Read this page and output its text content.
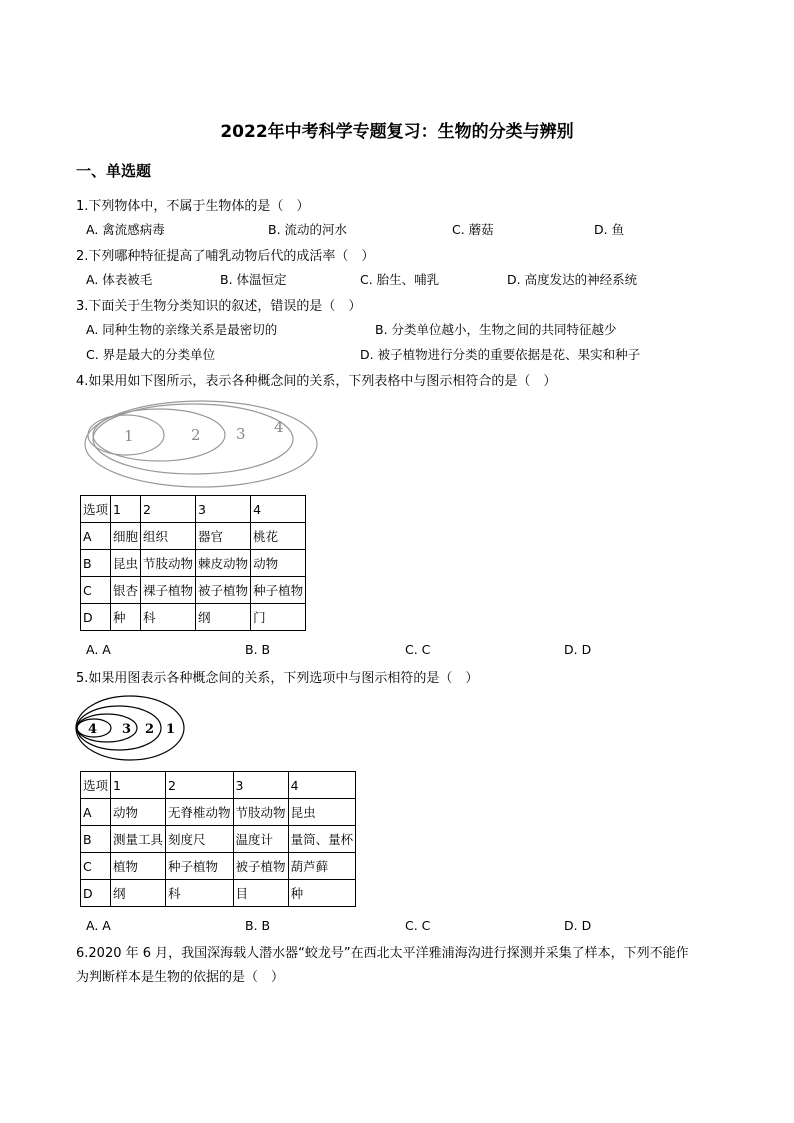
2022年中考科学专题复习：生物的分类与辨别
一、单选题
1.下列物体中，不属于生物体的是（　）
A. 禽流感病毒	B. 流动的河水	C. 蘑菇	D. 鱼
2.下列哪种特征提高了哺乳动物后代的成活率（　）
A. 体表被毛	B. 体温恒定	C. 胎生、哺乳	D. 高度发达的神经系统
3.下面关于生物分类知识的叙述，错误的是（　）
A. 同种生物的亲缘关系是最密切的	B. 分类单位越小，生物之间的共同特征越少
C. 界是最大的分类单位	D. 被子植物进行分类的重要依据是花、果实和种子
4.如果用如下图所示，表示各种概念间的关系，下列表格中与图示相符合的是（　）
1	2 3 4
选项	1	2	3	4
A	细胞	组织	器官	桃花
B	昆虫	节肢动物	棘皮动物	动物
C	银杏	裸子植物	被子植物	种子植物
D	种	科	纲	门
A. A	B. B	C. C	D. D
5.如果用图表示各种概念间的关系，下列选项中与图示相符的是（　）
4 3 2 1
选项	1	2	3	4
A	动物	无脊椎动物	节肢动物	昆虫
B	测量工具	刻度尺	温度计	量筒、量杯
C	植物	种子植物	被子植物	葫芦藓
D	纲	科	目	种
A. A	B. B	C. C	D. D
6.2020 年 6 月，我国深海载人潜水器“蛟龙号”在西北太平洋雅浦海沟进行探测并采集了样本，下列不能作
为判断样本是生物的依据的是（　）
